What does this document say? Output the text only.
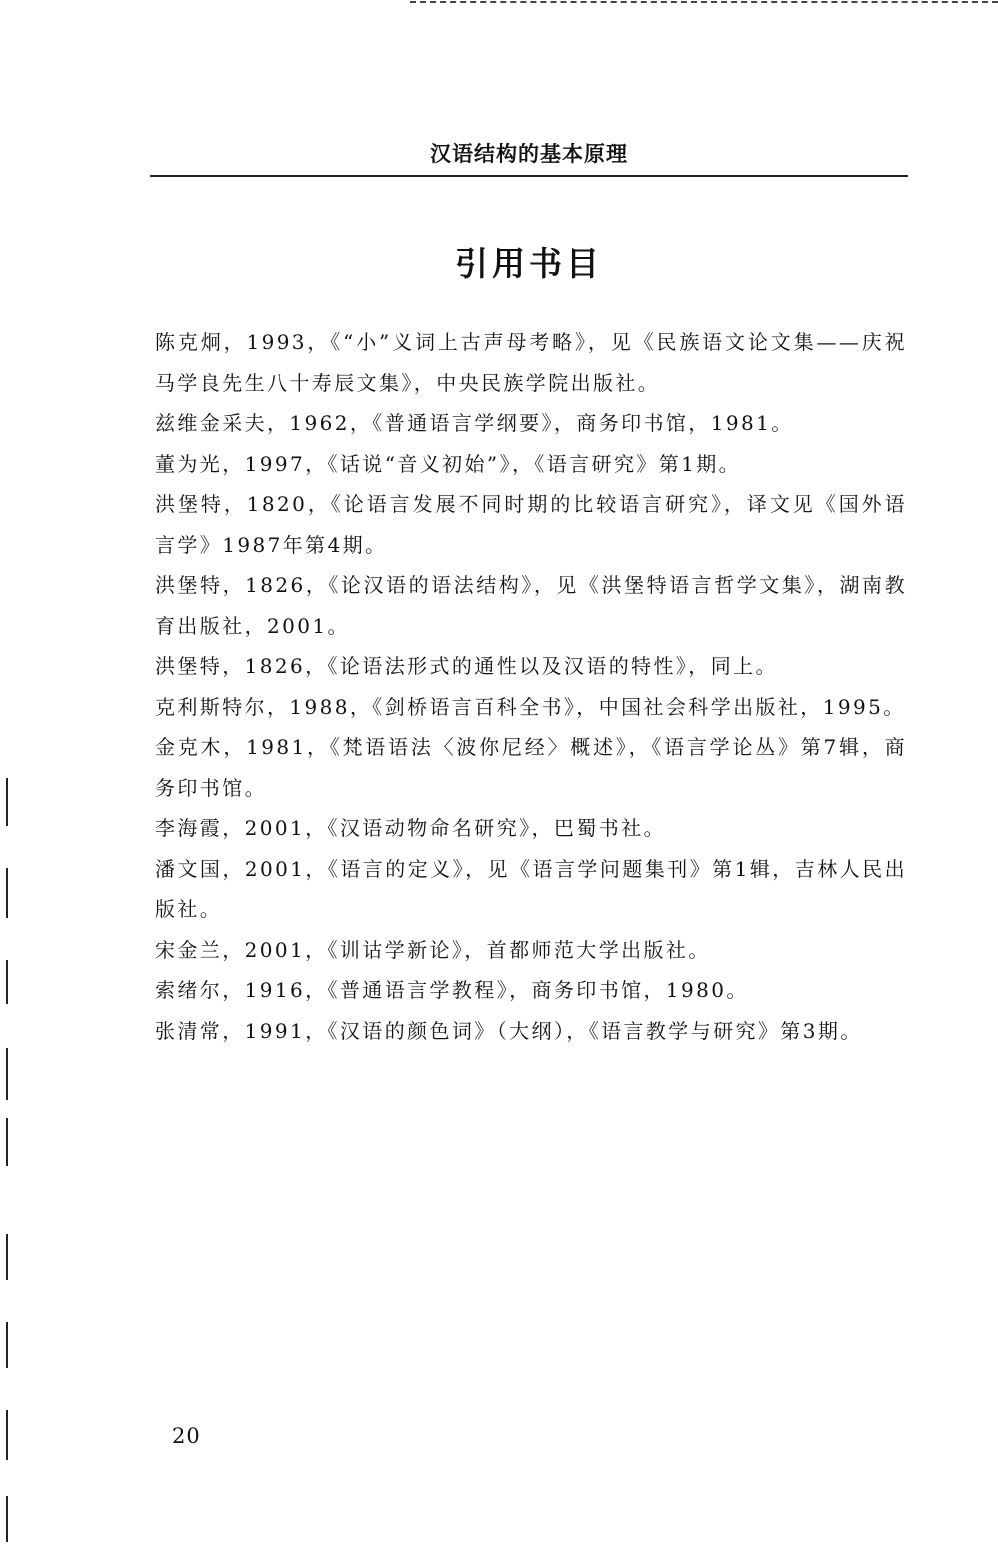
汉语结构的基本原理
引用书目
陈克炯，1993，《“小”义词上古声母考略》，见《民族语文论文集——庆祝马学良先生八十寿辰文集》，中央民族学院出版社。
兹维金采夫，1962，《普通语言学纲要》，商务印书馆，1981。
董为光，1997，《话说“音义初始”》，《语言研究》第1期。
洪堡特，1820，《论语言发展不同时期的比较语言研究》，译文见《国外语言学》1987年第4期。
洪堡特，1826，《论汉语的语法结构》，见《洪堡特语言哲学文集》，湖南教育出版社，2001。
洪堡特，1826，《论语法形式的通性以及汉语的特性》，同上。
克利斯特尔，1988，《剑桥语言百科全书》，中国社会科学出版社，1995。
金克木，1981，《梵语语法〈波你尼经〉概述》，《语言学论丛》第7辑，商务印书馆。
李海霞，2001，《汉语动物命名研究》，巴蜀书社。
潘文国，2001，《语言的定义》，见《语言学问题集刊》第1辑，吉林人民出版社。
宋金兰，2001，《训诂学新论》，首都师范大学出版社。
索绪尔，1916，《普通语言学教程》，商务印书馆，1980。
张清常，1991，《汉语的颜色词》（大纲），《语言教学与研究》第3期。
20
